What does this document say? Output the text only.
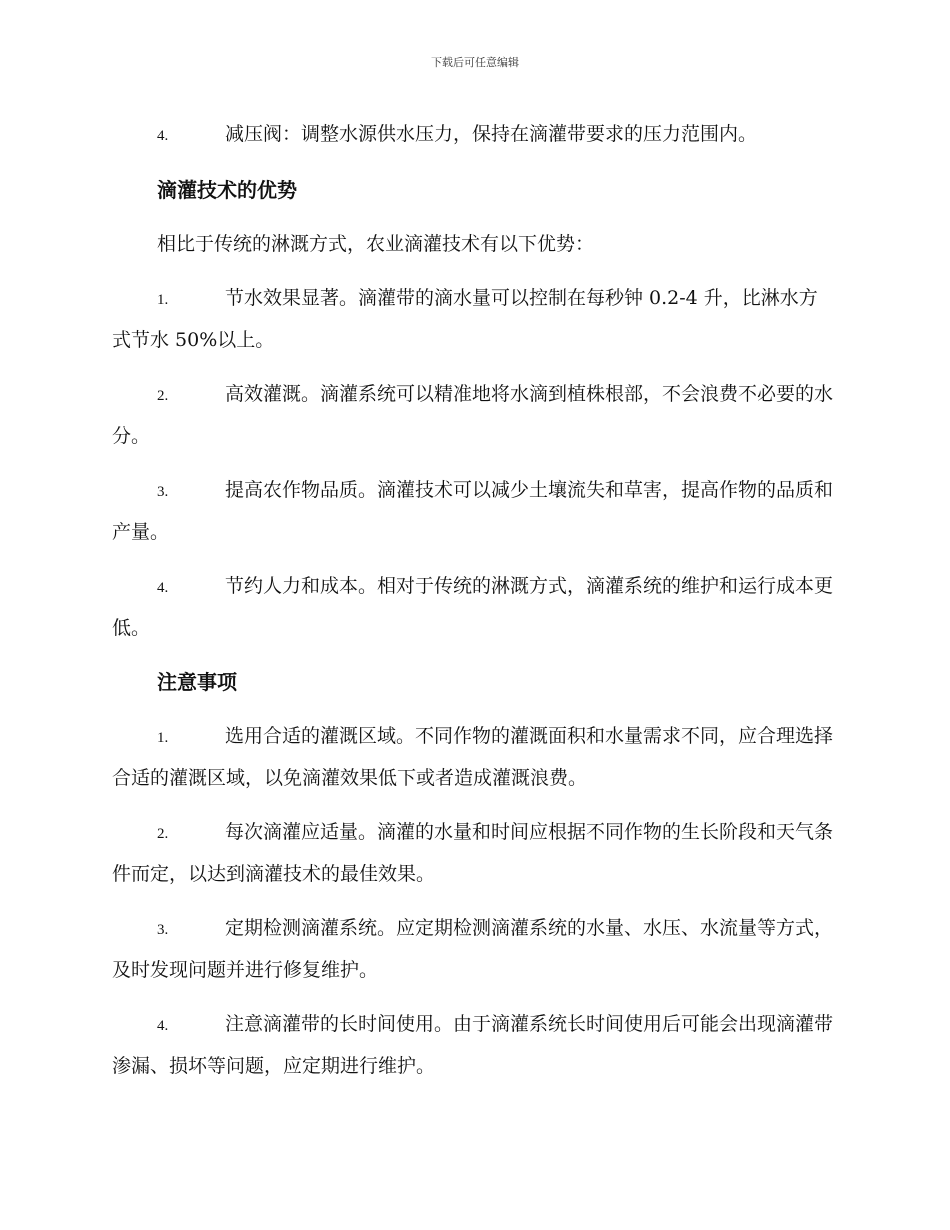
下载后可任意编辑

4.	减压阀：调整水源供水压力，保持在滴灌带要求的压力范围内。

滴灌技术的优势

相比于传统的淋溉方式，农业滴灌技术有以下优势：

1.	节水效果显著。滴灌带的滴水量可以控制在每秒钟 0.2-4 升，比淋水方式节水 50%以上。

2.	高效灌溉。滴灌系统可以精准地将水滴到植株根部，不会浪费不必要的水分。

3.	提高农作物品质。滴灌技术可以减少土壤流失和草害，提高作物的品质和产量。

4.	节约人力和成本。相对于传统的淋溉方式，滴灌系统的维护和运行成本更低。

注意事项

1.	选用合适的灌溉区域。不同作物的灌溉面积和水量需求不同，应合理选择合适的灌溉区域，以免滴灌效果低下或者造成灌溉浪费。

2.	每次滴灌应适量。滴灌的水量和时间应根据不同作物的生长阶段和天气条件而定，以达到滴灌技术的最佳效果。

3.	定期检测滴灌系统。应定期检测滴灌系统的水量、水压、水流量等方式，及时发现问题并进行修复维护。

4.	注意滴灌带的长时间使用。由于滴灌系统长时间使用后可能会出现滴灌带渗漏、损坏等问题，应定期进行维护。
